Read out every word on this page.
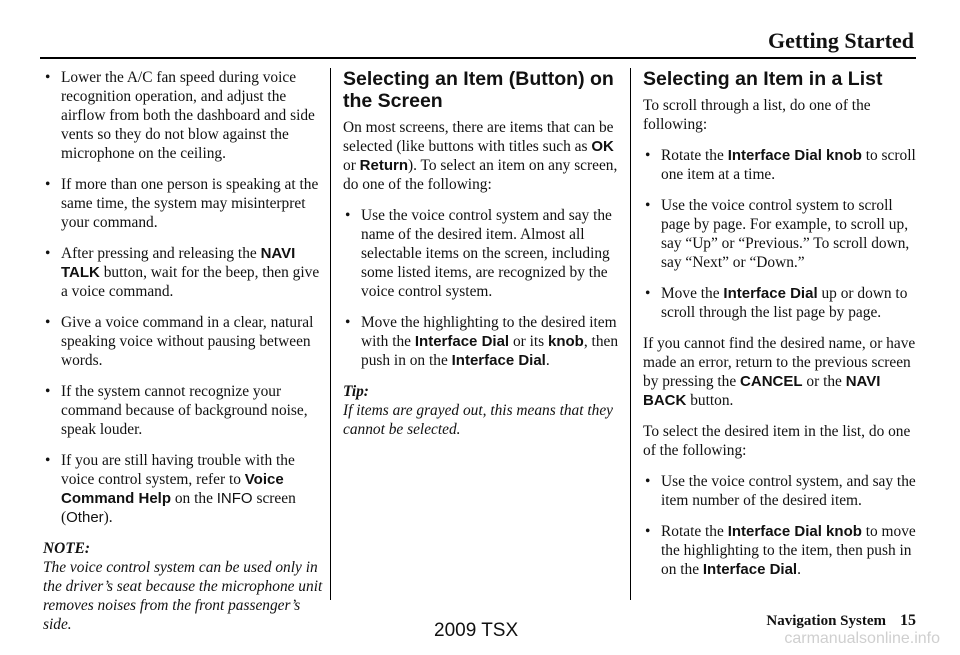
Getting Started
• Lower the A/C fan speed during voice recognition operation, and adjust the airflow from both the dashboard and side vents so they do not blow against the microphone on the ceiling.
• If more than one person is speaking at the same time, the system may misinterpret your command.
• After pressing and releasing the NAVI TALK button, wait for the beep, then give a voice command.
• Give a voice command in a clear, natural speaking voice without pausing between words.
• If the system cannot recognize your command because of background noise, speak louder.
• If you are still having trouble with the voice control system, refer to Voice Command Help on the INFO screen (Other).

NOTE:

The voice control system can be used only in the driver’s seat because the microphone unit removes noises from the front passenger’s side.

Selecting an Item (Button) on the Screen

On most screens, there are items that can be selected (like buttons with titles such as OK or Return). To select an item on any screen, do one of the following:

• Use the voice control system and say the name of the desired item. Almost all selectable items on the screen, including some listed items, are recognized by the voice control system.
• Move the highlighting to the desired item with the Interface Dial or its knob, then push in on the Interface Dial.

Tip:

If items are grayed out, this means that they cannot be selected.

Selecting an Item in a List

To scroll through a list, do one of the following:

• Rotate the Interface Dial knob to scroll one item at a time.
• Use the voice control system to scroll page by page. For example, to scroll up, say “Up” or “Previous.” To scroll down, say “Next” or “Down.”
• Move the Interface Dial up or down to scroll through the list page by page.

If you cannot find the desired name, or have made an error, return to the previous screen by pressing the CANCEL or the NAVI BACK button.

To select the desired item in the list, do one of the following:

• Use the voice control system, and say the item number of the desired item.
• Rotate the Interface Dial knob to move the highlighting to the item, then push in on the Interface Dial.
Navigation System 15
2009 TSX	carmanualsonline.info
